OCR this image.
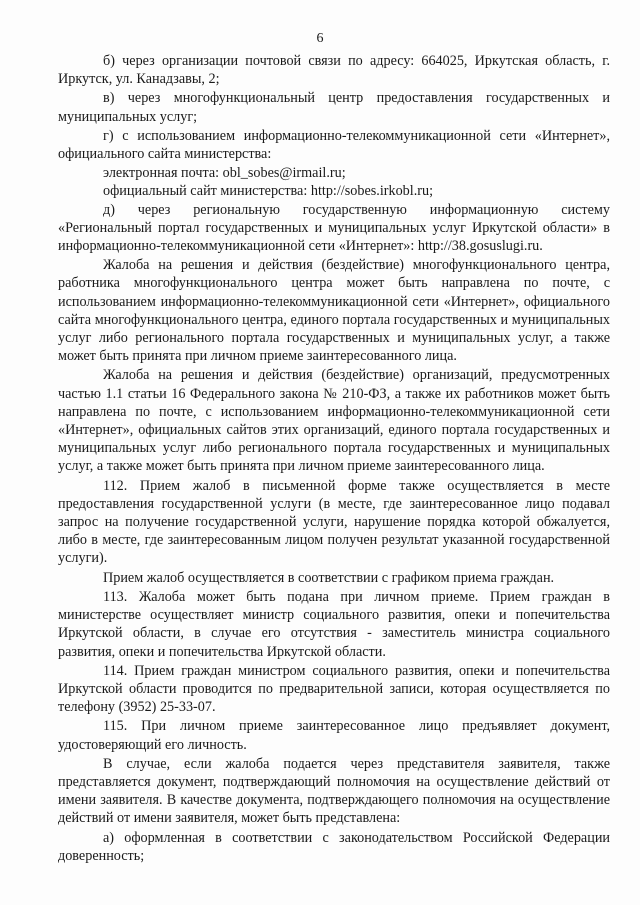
6

б) через организации почтовой связи по адресу: 664025, Иркутская область, г. Иркутск, ул. Канадзавы, 2;

в) через многофункциональный центр предоставления государственных и муниципальных услуг;

г) с использованием информационно-телекоммуникационной сети «Интернет», официального сайта министерства:

электронная почта: obl_sobes@irmail.ru;

официальный сайт министерства: http://sobes.irkobl.ru;

д) через региональную государственную информационную систему «Региональный портал государственных и муниципальных услуг Иркутской области» в информационно-телекоммуникационной сети «Интернет»: http://38.gosuslugi.ru.

Жалоба на решения и действия (бездействие) многофункционального центра, работника многофункционального центра может быть направлена по почте, с использованием информационно-телекоммуникационной сети «Интернет», официального сайта многофункционального центра, единого портала государственных и муниципальных услуг либо регионального портала государственных и муниципальных услуг, а также может быть принята при личном приеме заинтересованного лица.

Жалоба на решения и действия (бездействие) организаций, предусмотренных частью 1.1 статьи 16 Федерального закона № 210-ФЗ, а также их работников может быть направлена по почте, с использованием информационно-телекоммуникационной сети «Интернет», официальных сайтов этих организаций, единого портала государственных и муниципальных услуг либо регионального портала государственных и муниципальных услуг, а также может быть принята при личном приеме заинтересованного лица.

112. Прием жалоб в письменной форме также осуществляется в месте предоставления государственной услуги (в месте, где заинтересованное лицо подавал запрос на получение государственной услуги, нарушение порядка которой обжалуется, либо в месте, где заинтересованным лицом получен результат указанной государственной услуги).

Прием жалоб осуществляется в соответствии с графиком приема граждан.

113. Жалоба может быть подана при личном приеме. Прием граждан в министерстве осуществляет министр социального развития, опеки и попечительства Иркутской области, в случае его отсутствия - заместитель министра социального развития, опеки и попечительства Иркутской области.

114. Прием граждан министром социального развития, опеки и попечительства Иркутской области проводится по предварительной записи, которая осуществляется по телефону (3952) 25-33-07.

115. При личном приеме заинтересованное лицо предъявляет документ, удостоверяющий его личность.

В случае, если жалоба подается через представителя заявителя, также представляется документ, подтверждающий полномочия на осуществление действий от имени заявителя. В качестве документа, подтверждающего полномочия на осуществление действий от имени заявителя, может быть представлена:

а) оформленная в соответствии с законодательством Российской Федерации доверенность;
